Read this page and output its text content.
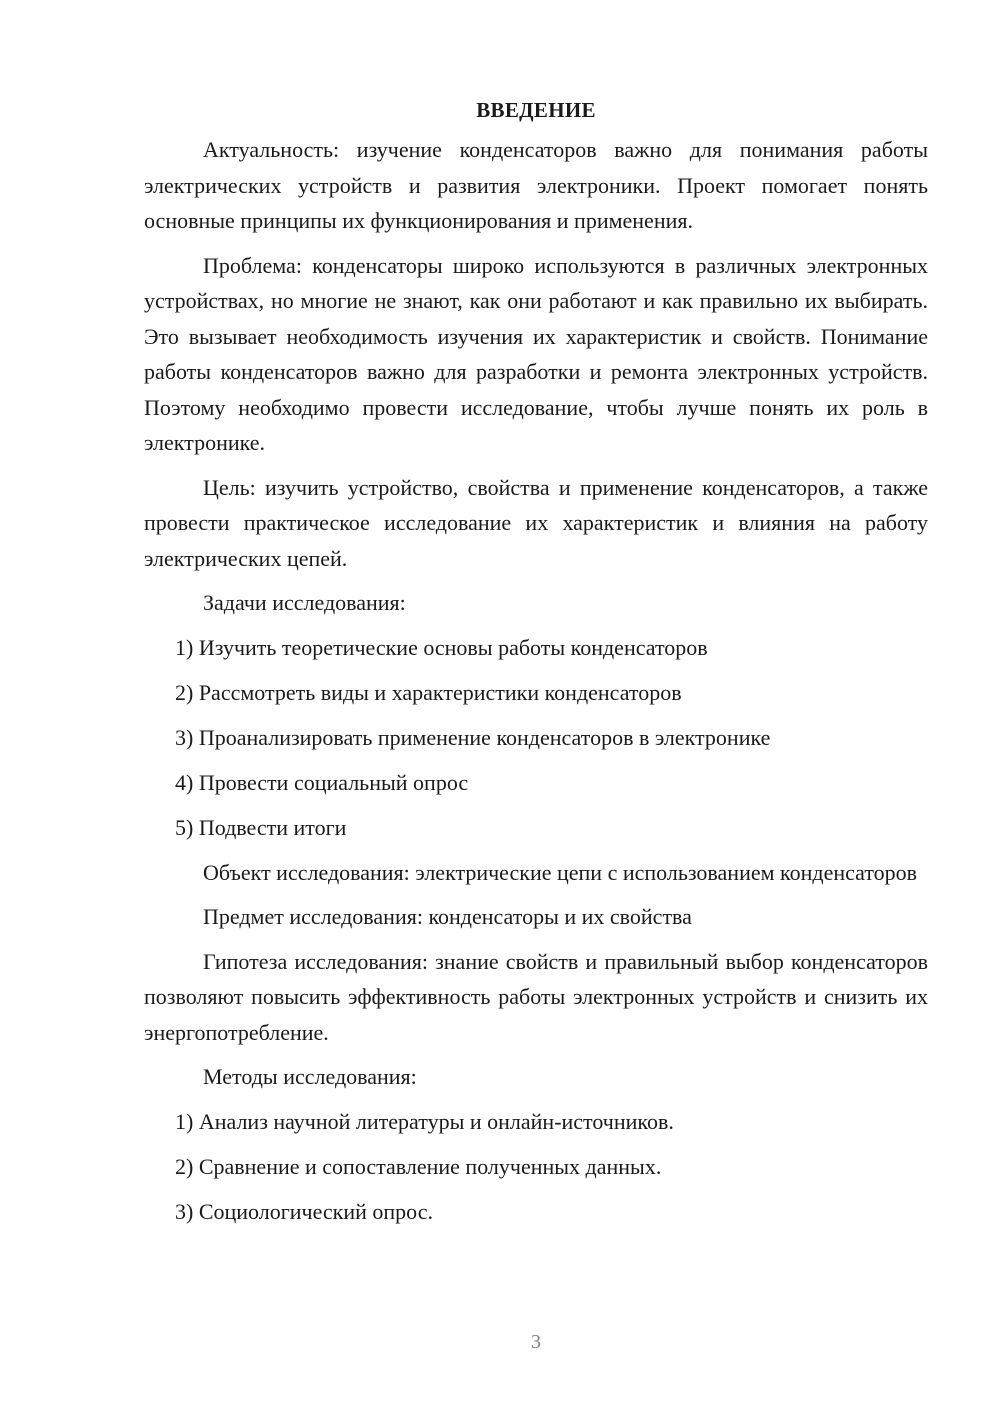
ВВЕДЕНИЕ

Актуальность: изучение конденсаторов важно для понимания работы электрических устройств и развития электроники. Проект помогает понять основные принципы их функционирования и применения.

Проблема: конденсаторы широко используются в различных электронных устройствах, но многие не знают, как они работают и как правильно их выбирать. Это вызывает необходимость изучения их характеристик и свойств. Понимание работы конденсаторов важно для разработки и ремонта электронных устройств. Поэтому необходимо провести исследование, чтобы лучше понять их роль в электронике.

Цель: изучить устройство, свойства и применение конденсаторов, а также провести практическое исследование их характеристик и влияния на работу электрических цепей.

Задачи исследования:

1) Изучить теоретические основы работы конденсаторов
2) Рассмотреть виды и характеристики конденсаторов
3) Проанализировать применение конденсаторов в электронике
4) Провести социальный опрос
5) Подвести итоги

Объект исследования: электрические цепи с использованием конденсаторов

Предмет исследования: конденсаторы и их свойства

Гипотеза исследования: знание свойств и правильный выбор конденсаторов позволяют повысить эффективность работы электронных устройств и снизить их энергопотребление.

Методы исследования:

1) Анализ научной литературы и онлайн-источников.
2) Сравнение и сопоставление полученных данных.
3) Социологический опрос.
3
